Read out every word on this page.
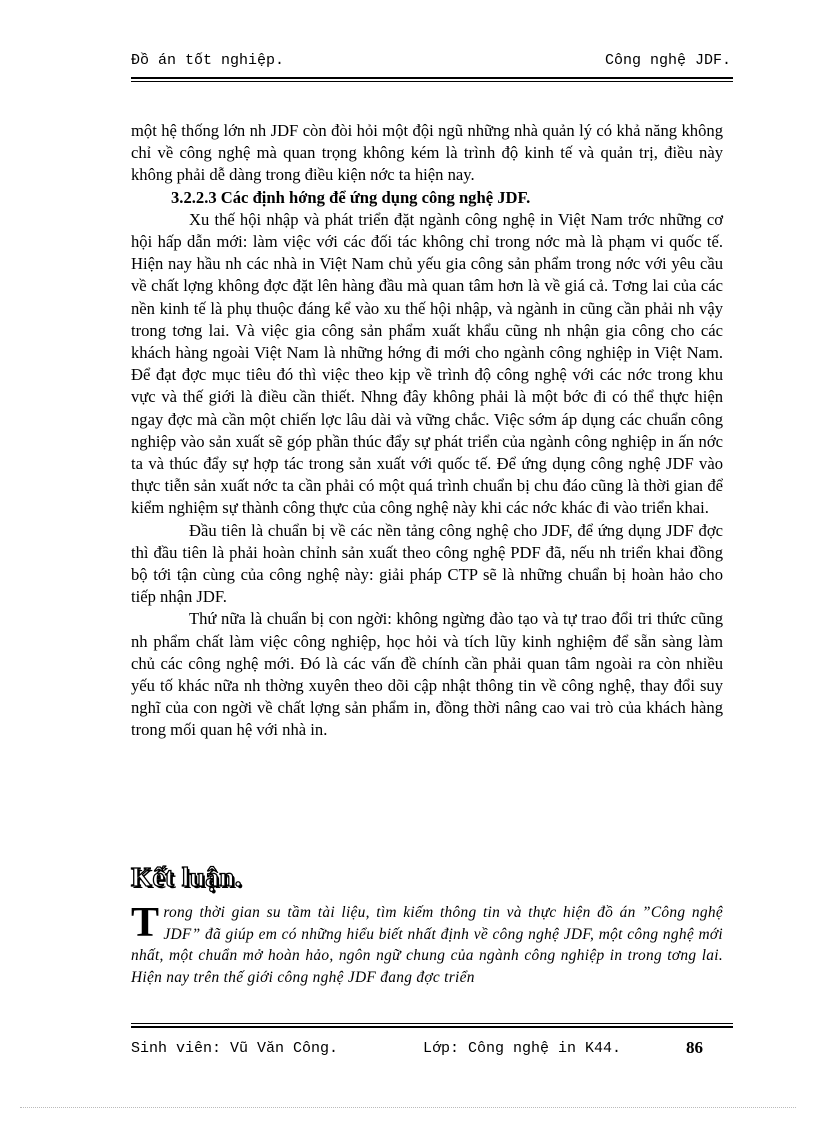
Đồ án tốt nghiệp.	Công nghệ JDF.

một hệ thống lớn nh JDF còn đòi hỏi một đội ngũ những nhà quản lý có khả năng không chỉ về công nghệ mà quan trọng không kém là trình độ kinh tế và quản trị, điều này không phải dễ dàng trong điều kiện nớc ta hiện nay.

3.2.2.3 Các định hớng để ứng dụng công nghệ JDF.

Xu thế hội nhập và phát triển đặt ngành công nghệ in Việt Nam trớc những cơ hội hấp dẫn mới: làm việc với các đối tác không chỉ trong nớc mà là phạm vi quốc tế. Hiện nay hầu nh các nhà in Việt Nam chủ yếu gia công sản phẩm trong nớc với yêu cầu về chất lợng không đợc đặt lên hàng đầu mà quan tâm hơn là về giá cả. Tơng lai của các nền kinh tế là phụ thuộc đáng kể vào xu thế hội nhập, và ngành in cũng cần phải nh vậy trong tơng lai. Và việc gia công sản phẩm xuất khẩu cũng nh nhận gia công cho các khách hàng ngoài Việt Nam là những hớng đi mới cho ngành công nghiệp in Việt Nam. Để đạt đợc mục tiêu đó thì việc theo kịp về trình độ công nghệ với các nớc trong khu vực và thế giới là điều cần thiết. Nhng đây không phải là một bớc đi có thể thực hiện ngay đợc mà cần một chiến lợc lâu dài và vững chắc. Việc sớm áp dụng các chuẩn công nghiệp vào sản xuất sẽ góp phần thúc đẩy sự phát triển của ngành công nghiệp in ấn nớc ta và thúc đẩy sự hợp tác trong sản xuất với quốc tế. Để ứng dụng công nghệ JDF vào thực tiễn sản xuất nớc ta cần phải có một quá trình chuẩn bị chu đáo cũng là thời gian để kiểm nghiệm sự thành công thực của công nghệ này khi các nớc khác đi vào triển khai.

Đầu tiên là chuẩn bị về các nền tảng công nghệ cho JDF, để ứng dụng JDF đợc thì đầu tiên là phải hoàn chỉnh sản xuất theo công nghệ PDF đã, nếu nh triển khai đồng bộ tới tận cùng của công nghệ này: giải pháp CTP sẽ là những chuẩn bị hoàn hảo cho tiếp nhận JDF.

Thứ nữa là chuẩn bị con ngời: không ngừng đào tạo và tự trao đổi tri thức cũng nh phẩm chất làm việc công nghiệp, học hỏi và tích lũy kinh nghiệm để sẵn sàng làm chủ các công nghệ mới. Đó là các vấn đề chính cần phải quan tâm ngoài ra còn nhiều yếu tố khác nữa nh thờng xuyên theo dõi cập nhật thông tin về công nghệ, thay đổi suy nghĩ của con ngời về chất lợng sản phẩm in, đồng thời nâng cao vai trò của khách hàng trong mối quan hệ với nhà in.

Kết luận.
Trong thời gian su tầm tài liệu, tìm kiếm thông tin và thực hiện đồ án ”Công nghệ JDF” đã giúp em có những hiểu biết nhất định về công nghệ JDF, một công nghệ mới nhất, một chuẩn mở hoàn hảo, ngôn ngữ chung của ngành công nghiệp in trong tơng lai. Hiện nay trên thế giới công nghệ JDF đang đợc triển
Sinh viên: Vũ Văn Công.	Lớp: Công nghệ in K44.	86
